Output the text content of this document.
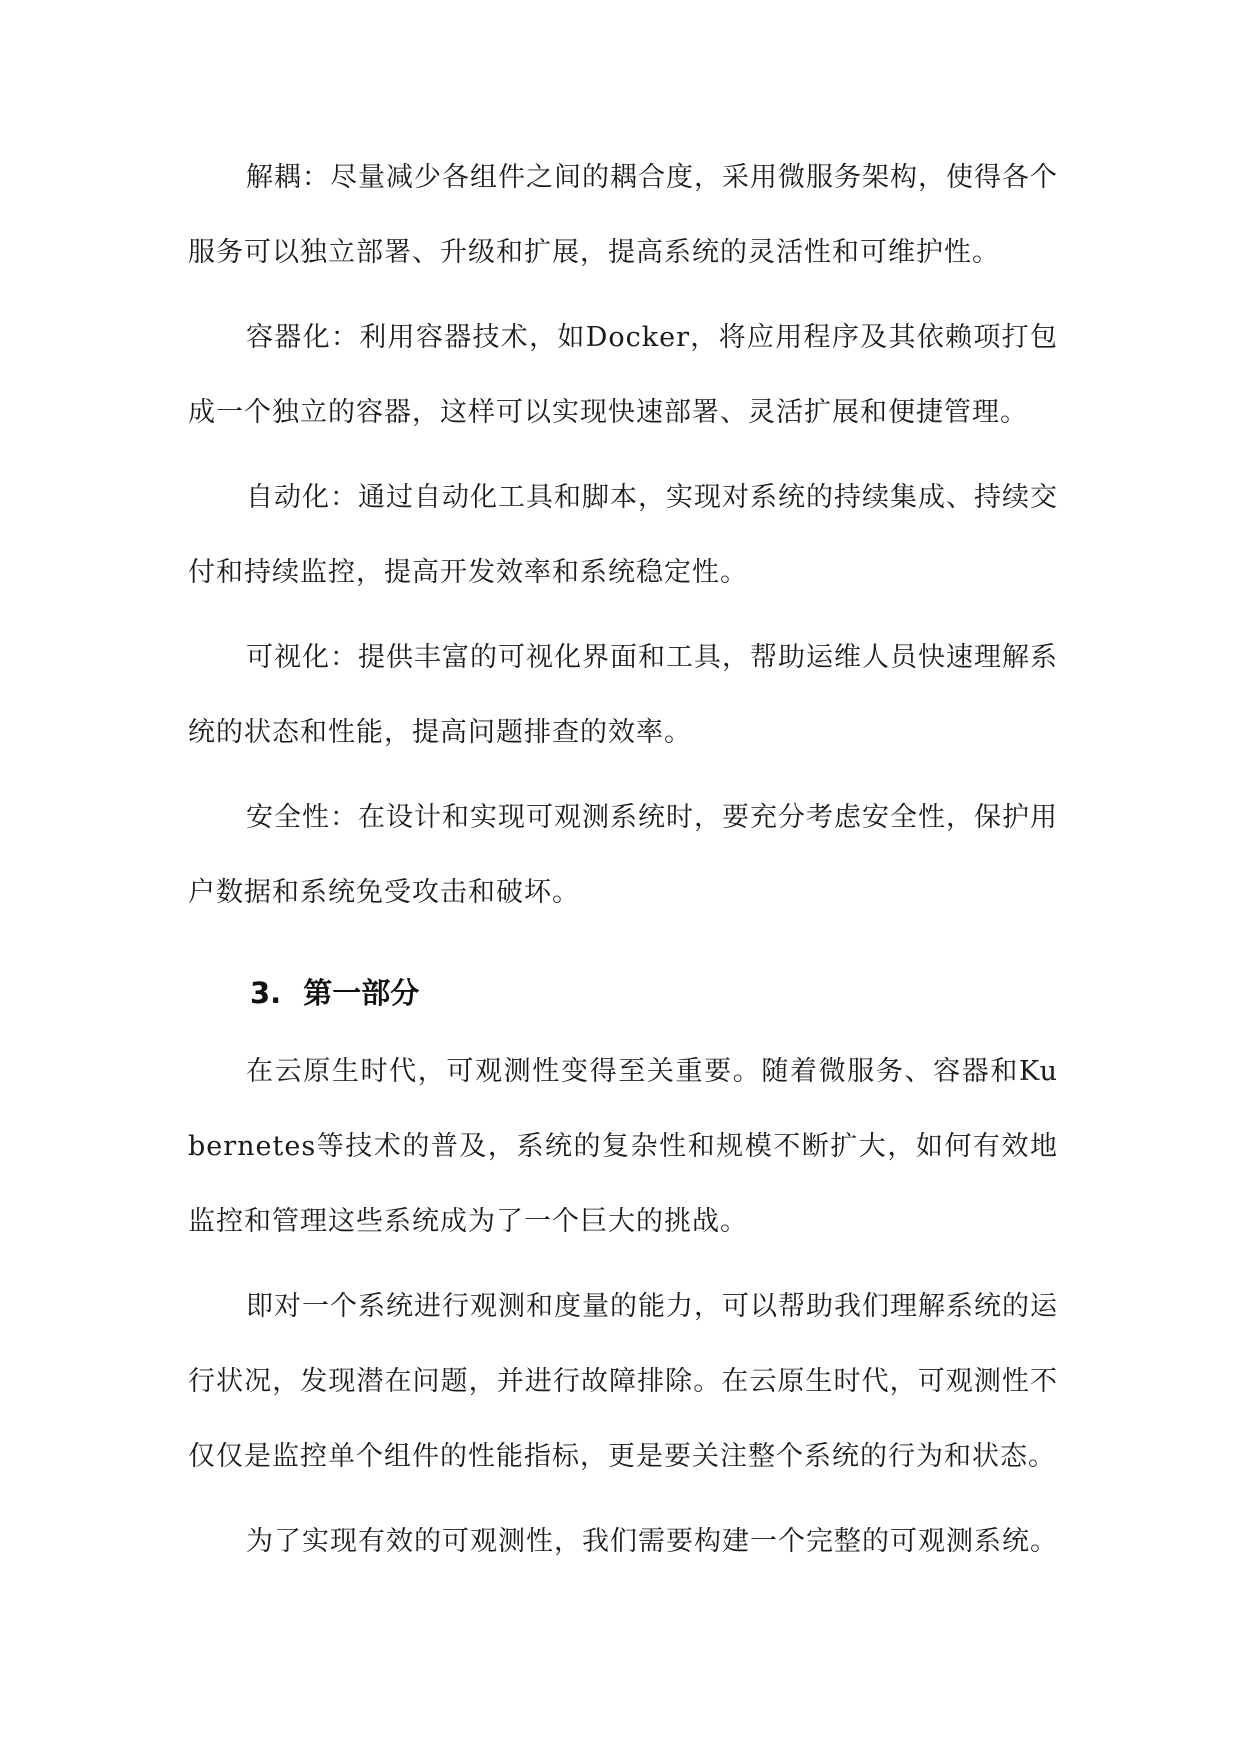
解耦：尽量减少各组件之间的耦合度，采用微服务架构，使得各个服务可以独立部署、升级和扩展，提高系统的灵活性和可维护性。

容器化：利用容器技术，如Docker，将应用程序及其依赖项打包成一个独立的容器，这样可以实现快速部署、灵活扩展和便捷管理。

自动化：通过自动化工具和脚本，实现对系统的持续集成、持续交付和持续监控，提高开发效率和系统稳定性。

可视化：提供丰富的可视化界面和工具，帮助运维人员快速理解系统的状态和性能，提高问题排查的效率。

安全性：在设计和实现可观测系统时，要充分考虑安全性，保护用户数据和系统免受攻击和破坏。

3. 第一部分

在云原生时代，可观测性变得至关重要。随着微服务、容器和Kubernetes等技术的普及，系统的复杂性和规模不断扩大，如何有效地监控和管理这些系统成为了一个巨大的挑战。

即对一个系统进行观测和度量的能力，可以帮助我们理解系统的运行状况，发现潜在问题，并进行故障排除。在云原生时代，可观测性不仅仅是监控单个组件的性能指标，更是要关注整个系统的行为和状态。

为了实现有效的可观测性，我们需要构建一个完整的可观测系统。
